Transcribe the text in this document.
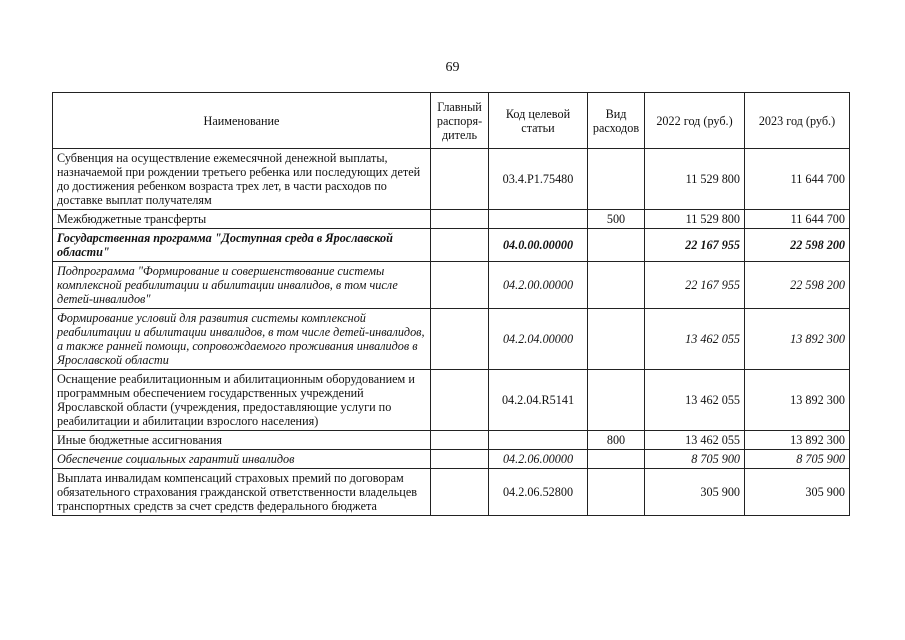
69
Наименование	Главный распоря-дитель	Код целевой статьи	Вид расходов	2022 год (руб.)	2023 год (руб.)
Субвенция на осуществление ежемесячной денежной выплаты, назначаемой при рождении третьего ребенка или последующих детей до достижения ребенком возраста трех лет, в части расходов по доставке выплат получателям		03.4.P1.75480		11 529 800	11 644 700
Межбюджетные трансферты			500	11 529 800	11 644 700
Государственная программа "Доступная среда в Ярославской области"		04.0.00.00000		22 167 955	22 598 200
Подпрограмма "Формирование и совершенствование системы комплексной реабилитации и абилитации инвалидов, в том числе детей-инвалидов"		04.2.00.00000		22 167 955	22 598 200
Формирование условий для развития системы комплексной реабилитации и абилитации инвалидов, в том числе детей-инвалидов, а также ранней помощи, сопровождаемого проживания инвалидов в Ярославской области		04.2.04.00000		13 462 055	13 892 300
Оснащение реабилитационным и абилитационным оборудованием и программным обеспечением государственных учреждений Ярославской области (учреждения, предоставляющие услуги по реабилитации и абилитации взрослого населения)		04.2.04.R5141		13 462 055	13 892 300
Иные бюджетные ассигнования			800	13 462 055	13 892 300
Обеспечение социальных гарантий инвалидов		04.2.06.00000		8 705 900	8 705 900
Выплата инвалидам компенсаций страховых премий по договорам обязательного страхования гражданской ответственности владельцев транспортных средств за счет средств федерального бюджета		04.2.06.52800		305 900	305 900
